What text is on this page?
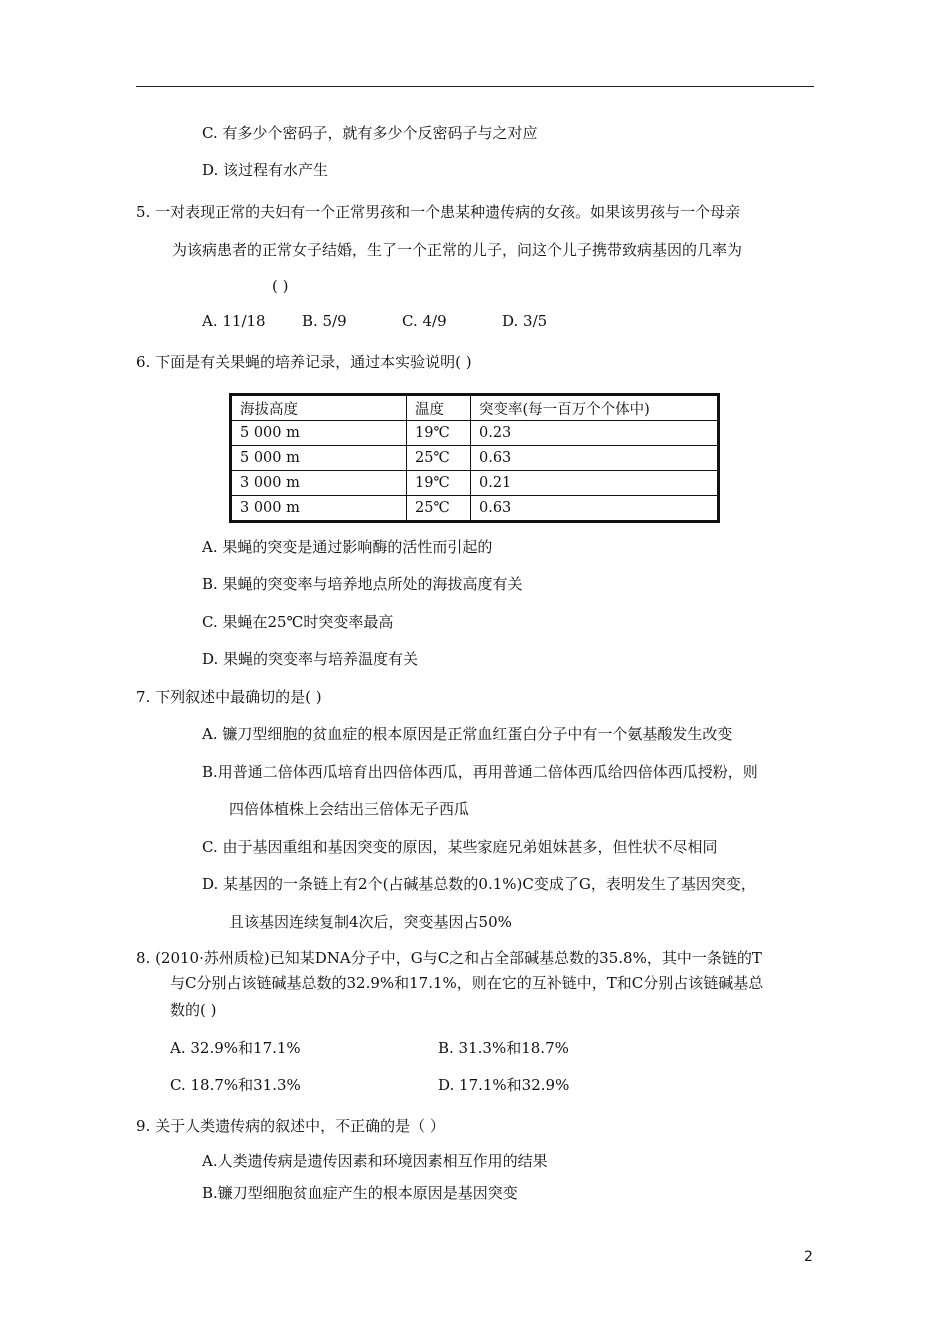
C. 有多少个密码子，就有多少个反密码子与之对应
D. 该过程有水产生
5. 一对表现正常的夫妇有一个正常男孩和一个患某种遗传病的女孩。如果该男孩与一个母亲
为该病患者的正常女子结婚，生了一个正常的儿子，问这个儿子携带致病基因的几率为
( )
A. 11/18 B. 5/9	C. 4/9	D. 3/5
6. 下面是有关果蝇的培养记录，通过本实验说明( )
海拔高度	温度	突变率(每一百万个个体中)
5 000 m	19℃	0.23
5 000 m	25℃	0.63
3 000 m	19℃	0.21
3 000 m	25℃	0.63
A. 果蝇的突变是通过影响酶的活性而引起的
B. 果蝇的突变率与培养地点所处的海拔高度有关
C. 果蝇在25℃时突变率最高
D. 果蝇的突变率与培养温度有关
7. 下列叙述中最确切的是( )
A. 镰刀型细胞的贫血症的根本原因是正常血红蛋白分子中有一个氨基酸发生改变
B.用普通二倍体西瓜培育出四倍体西瓜，再用普通二倍体西瓜给四倍体西瓜授粉，则
四倍体植株上会结出三倍体无子西瓜
C. 由于基因重组和基因突变的原因，某些家庭兄弟姐妹甚多，但性状不尽相同
D. 某基因的一条链上有2个(占碱基总数的0.1%)C变成了G，表明发生了基因突变，
且该基因连续复制4次后，突变基因占50%
8. (2010·苏州质检)已知某DNA分子中，G与C之和占全部碱基总数的35.8%，其中一条链的T
与C分别占该链碱基总数的32.9%和17.1%，则在它的互补链中，T和C分别占该链碱基总
数的( )
A. 32.9%和17.1%	B. 31.3%和18.7%
C. 18.7%和31.3%	D. 17.1%和32.9%
9. 关于人类遗传病的叙述中，不正确的是（ ）
A.人类遗传病是遗传因素和环境因素相互作用的结果
B.镰刀型细胞贫血症产生的根本原因是基因突变
2
